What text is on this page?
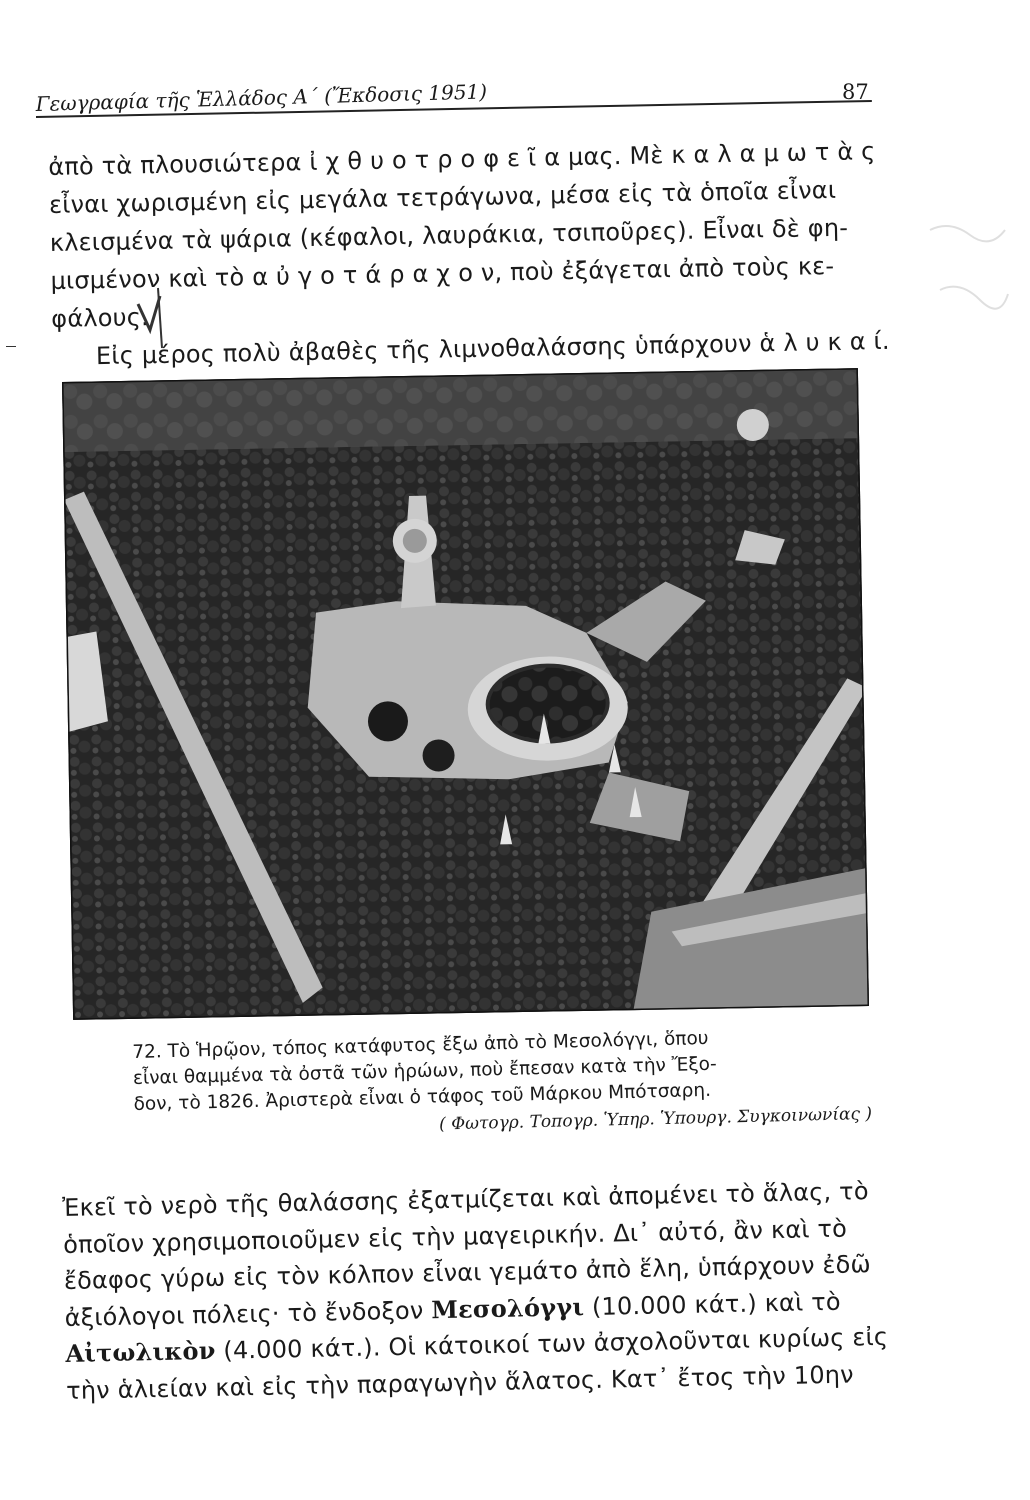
Γεωγραφία τῆς Ἑλλάδος Α΄ (Ἔκδοσις 1951)	87
ἀπὸ τὰ πλουσιώτερα ἰ χ θ υ ο τ ρ ο φ ε ῖ α μας. Μὲ κ α λ α μ ω τ ὰ ς
εἶναι χωρισμένη εἰς μεγάλα τετράγωνα, μέσα εἰς τὰ ὁποῖα εἶναι
κλεισμένα τὰ ψάρια (κέφαλοι, λαυράκια, τσιποῦρες). Εἶναι δὲ φη-
μισμένον καὶ τὸ α ὐ γ ο τ ά ρ α χ ο ν, ποὺ ἐξάγεται ἀπὸ τοὺς κε-
φάλους.
Εἰς μέρος πολὺ ἀβαθὲς τῆς λιμνοθαλάσσης ὑπάρχουν ἁ λ υ κ α ί.
72. Τὸ Ἡρῷον, τόπος κατάφυτος ἔξω ἀπὸ τὸ Μεσολόγγι, ὅπου
εἶναι θαμμένα τὰ ὀστᾶ τῶν ἡρώων, ποὺ ἔπεσαν κατὰ τὴν Ἔξο-
δον, τὸ 1826. Ἀριστερὰ εἶναι ὁ τάφος τοῦ Μάρκου Μπότσαρη.
( Φωτογρ. Τοπογρ. Ὑπηρ. Ὑπουργ. Συγκοινωνίας )
Ἐκεῖ τὸ νερὸ τῆς θαλάσσης ἐξατμίζεται καὶ ἀπομένει τὸ ἅλας, τὸ
ὁποῖον χρησιμοποιοῦμεν εἰς τὴν μαγειρικήν. Δι᾿ αὐτό, ἂν καὶ τὸ
ἔδαφος γύρω εἰς τὸν κόλπον εἶναι γεμάτο ἀπὸ ἕλη, ὑπάρχουν ἐδῶ
ἀξιόλογοι πόλεις· τὸ ἔνδοξον Μεσολόγγι (10.000 κάτ.) καὶ τὸ
Αἰτωλικὸν (4.000 κάτ.). Οἱ κάτοικοί των ἀσχολοῦνται κυρίως εἰς
τὴν ἁλιείαν καὶ εἰς τὴν παραγωγὴν ἅλατος. Κατ᾿ ἔτος τὴν 10ην
